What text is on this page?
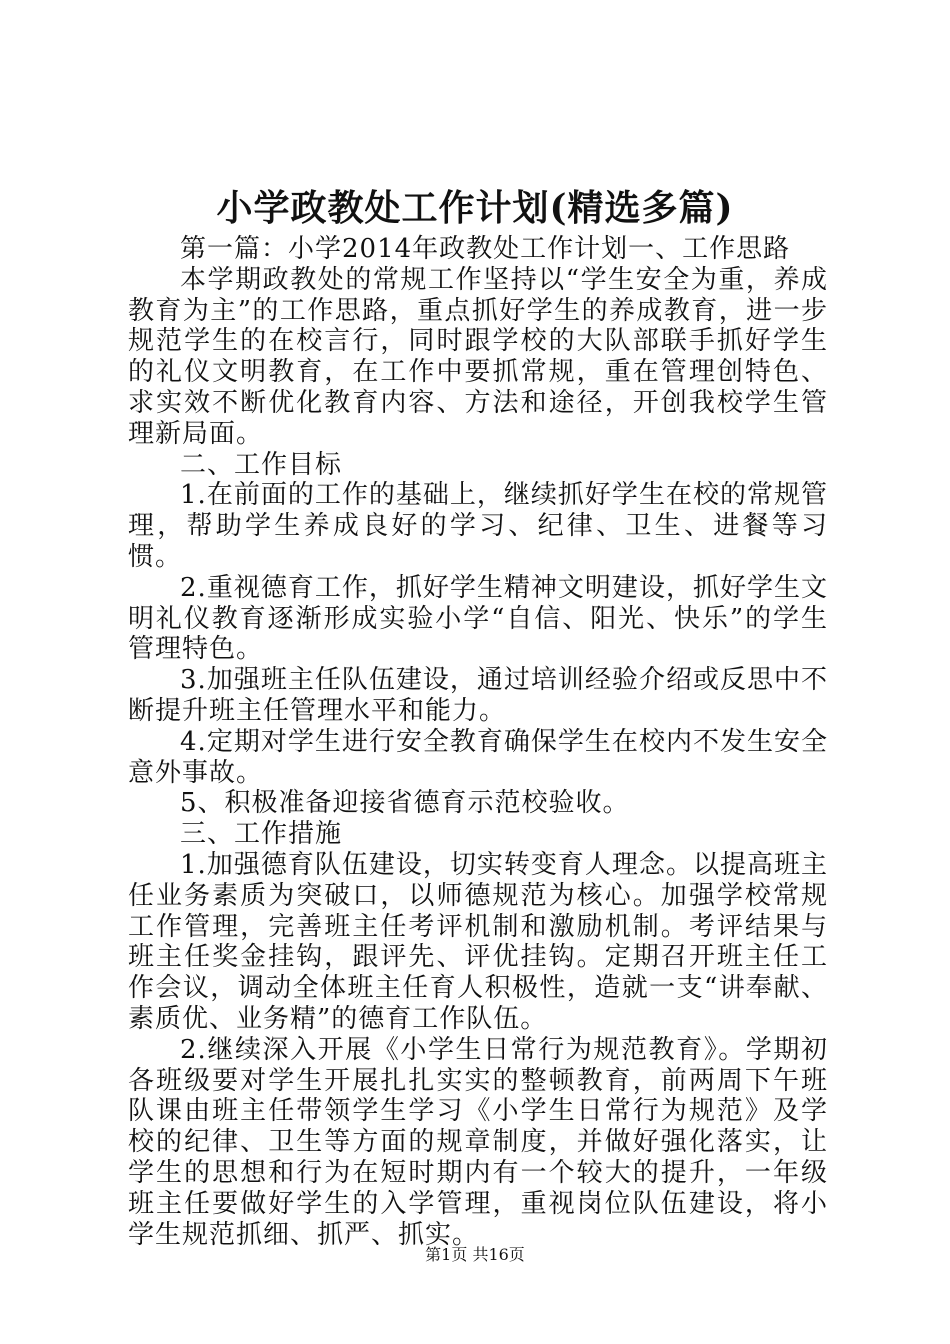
小学政教处工作计划(精选多篇)

第一篇：小学2014年政教处工作计划一、工作思路

本学期政教处的常规工作坚持以“学生安全为重，养成教育为主”的工作思路，重点抓好学生的养成教育，进一步规范学生的在校言行，同时跟学校的大队部联手抓好学生的礼仪文明教育，在工作中要抓常规，重在管理创特色、求实效不断优化教育内容、方法和途径，开创我校学生管理新局面。

二、工作目标

1.在前面的工作的基础上，继续抓好学生在校的常规管理，帮助学生养成良好的学习、纪律、卫生、进餐等习惯。

2.重视德育工作，抓好学生精神文明建设，抓好学生文明礼仪教育逐渐形成实验小学“自信、阳光、快乐”的学生管理特色。

3.加强班主任队伍建设，通过培训经验介绍或反思中不断提升班主任管理水平和能力。

4.定期对学生进行安全教育确保学生在校内不发生安全意外事故。

5、积极准备迎接省德育示范校验收。

三、工作措施

1.加强德育队伍建设，切实转变育人理念。以提高班主任业务素质为突破口，以师德规范为核心。加强学校常规工作管理，完善班主任考评机制和激励机制。考评结果与班主任奖金挂钩，跟评先、评优挂钩。定期召开班主任工作会议，调动全体班主任育人积极性，造就一支“讲奉献、素质优、业务精”的德育工作队伍。

2.继续深入开展《小学生日常行为规范教育》。学期初各班级要对学生开展扎扎实实的整顿教育，前两周下午班队课由班主任带领学生学习《小学生日常行为规范》及学校的纪律、卫生等方面的规章制度，并做好强化落实，让学生的思想和行为在短时期内有一个较大的提升，一年级班主任要做好学生的入学管理，重视岗位队伍建设，将小学生规范抓细、抓严、抓实。

第1页 共16页
